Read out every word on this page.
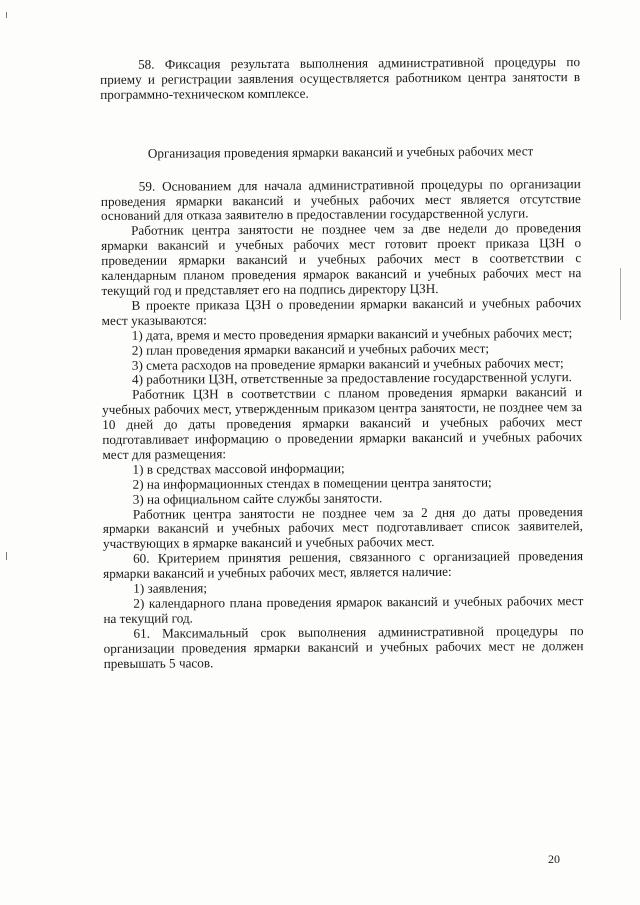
58. Фиксация результата выполнения административной процедуры по приему и регистрации заявления осуществляется работником центра занятости в программно-техническом комплексе.

Организация проведения ярмарки вакансий и учебных рабочих мест

59. Основанием для начала административной процедуры по организации проведения ярмарки вакансий и учебных рабочих мест является отсутствие оснований для отказа заявителю в предоставлении государственной услуги.

Работник центра занятости не позднее чем за две недели до проведения ярмарки вакансий и учебных рабочих мест готовит проект приказа ЦЗН о проведении ярмарки вакансий и учебных рабочих мест в соответствии с календарным планом проведения ярмарок вакансий и учебных рабочих мест на текущий год и представляет его на подпись директору ЦЗН.

В проекте приказа ЦЗН о проведении ярмарки вакансий и учебных рабочих мест указываются:

1) дата, время и место проведения ярмарки вакансий и учебных рабочих мест;

2) план проведения ярмарки вакансий и учебных рабочих мест;

3) смета расходов на проведение ярмарки вакансий и учебных рабочих мест;

4) работники ЦЗН, ответственные за предоставление государственной услуги.

Работник ЦЗН в соответствии с планом проведения ярмарки вакансий и учебных рабочих мест, утвержденным приказом центра занятости, не позднее чем за 10 дней до даты проведения ярмарки вакансий и учебных рабочих мест подготавливает информацию о проведении ярмарки вакансий и учебных рабочих мест для размещения:

1) в средствах массовой информации;

2) на информационных стендах в помещении центра занятости;

3) на официальном сайте службы занятости.

Работник центра занятости не позднее чем за 2 дня до даты проведения ярмарки вакансий и учебных рабочих мест подготавливает список заявителей, участвующих в ярмарке вакансий и учебных рабочих мест.

60. Критерием принятия решения, связанного с организацией проведения ярмарки вакансий и учебных рабочих мест, является наличие:

1) заявления;

2) календарного плана проведения ярмарок вакансий и учебных рабочих мест на текущий год.

61. Максимальный срок выполнения административной процедуры по организации проведения ярмарки вакансий и учебных рабочих мест не должен превышать 5 часов.

20
